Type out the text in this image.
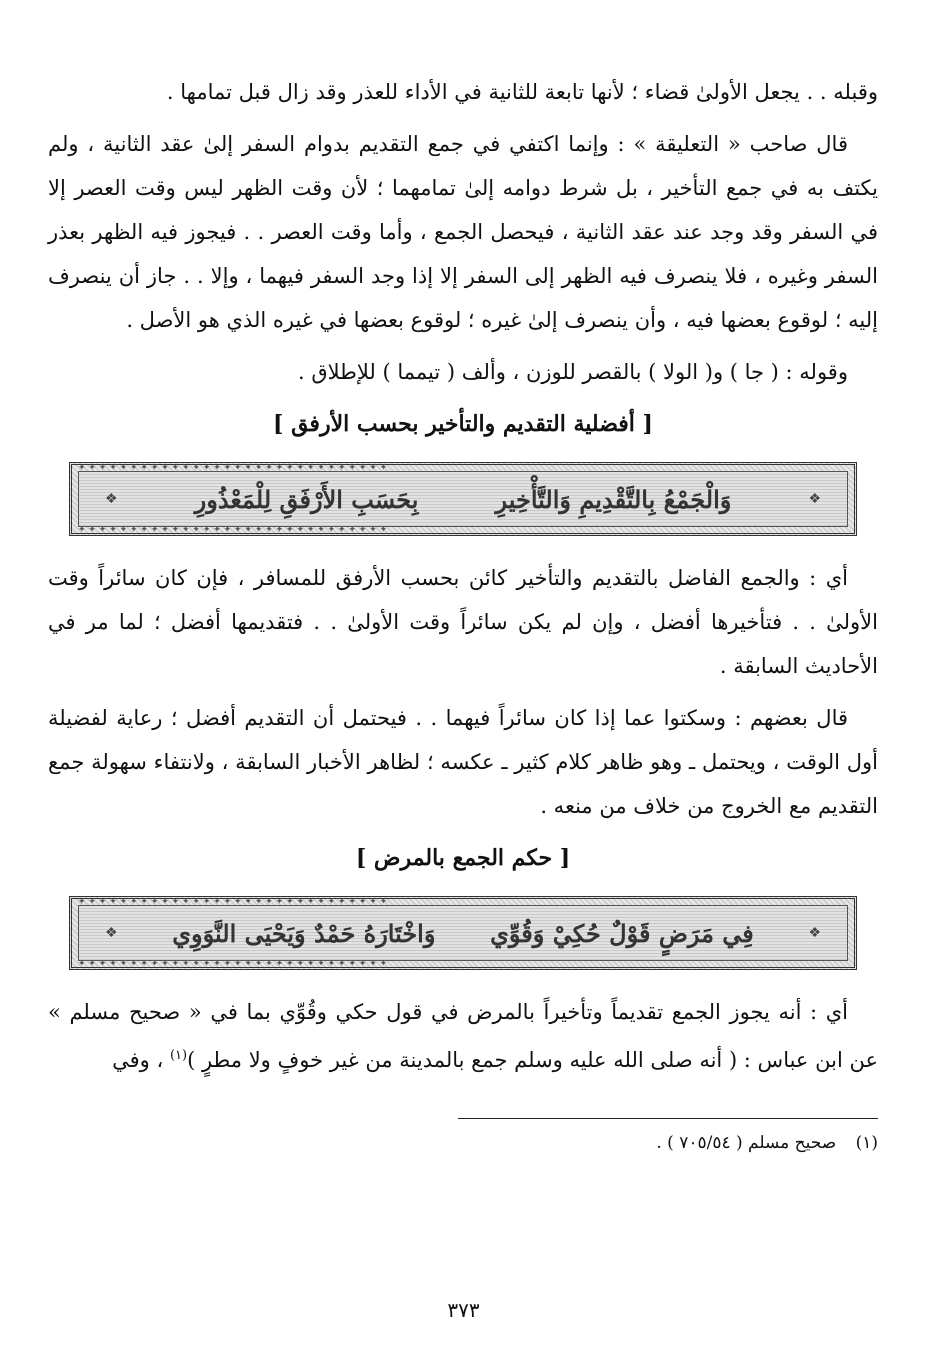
وقبله . . يجعل الأولىٰ قضاء ؛ لأنها تابعة للثانية في الأداء للعذر وقد زال قبل تمامها .

قال صاحب « التعليقة » : وإنما اكتفي في جمع التقديم بدوام السفر إلىٰ عقد الثانية ، ولم يكتف به في جمع التأخير ، بل شرط دوامه إلىٰ تمامهما ؛ لأن وقت الظهر ليس وقت العصر إلا في السفر وقد وجد عند عقد الثانية ، فيحصل الجمع ، وأما وقت العصر . . فيجوز فيه الظهر بعذر السفر وغيره ، فلا ينصرف فيه الظهر إلى السفر إلا إذا وجد السفر فيهما ، وإلا . . جاز أن ينصرف إليه ؛ لوقوع بعضها فيه ، وأن ينصرف إلىٰ غيره ؛ لوقوع بعضها في غيره الذي هو الأصل .

وقوله : ( جا ) و( الولا ) بالقصر للوزن ، وألف ( تيمما ) للإطلاق .

[ أفضلية التقديم والتأخير بحسب الأرفق ]
✦ ✦ ✦ ✦ ✦ ✦ ✦ ✦ ✦ ✦ ✦ ✦ ✦ ✦ ✦ ✦ ✦ ✦ ✦ ✦ ✦ ✦ ✦ ✦ ✦ ✦ ✦ ✦ ✦ ✦ ❖
وَالْجَمْعُ بِالتَّقْدِيمِ وَالتَّأْخِيرِ
بِحَسَبِ الأَرْفَقِ لِلْمَعْذُورِ
❖
✦ ✦ ✦ ✦ ✦ ✦ ✦ ✦ ✦ ✦ ✦ ✦ ✦ ✦ ✦ ✦ ✦ ✦ ✦ ✦ ✦ ✦ ✦ ✦ ✦ ✦ ✦ ✦ ✦ ✦

أي : والجمع الفاضل بالتقديم والتأخير كائن بحسب الأرفق للمسافر ، فإن كان سائراً وقت الأولىٰ . . فتأخيرها أفضل ، وإن لم يكن سائراً وقت الأولىٰ . . فتقديمها أفضل ؛ لما مر في الأحاديث السابقة .

قال بعضهم : وسكتوا عما إذا كان سائراً فيهما . . فيحتمل أن التقديم أفضل ؛ رعاية لفضيلة أول الوقت ، ويحتمل ـ وهو ظاهر كلام كثير ـ عكسه ؛ لظاهر الأخبار السابقة ، ولانتفاء سهولة جمع التقديم مع الخروج من خلاف من منعه .

[ حكم الجمع بالمرض ]
✦ ✦ ✦ ✦ ✦ ✦ ✦ ✦ ✦ ✦ ✦ ✦ ✦ ✦ ✦ ✦ ✦ ✦ ✦ ✦ ✦ ✦ ✦ ✦ ✦ ✦ ✦ ✦ ✦ ✦ ❖
فِي مَرَضٍ قَوْلٌ حُكِيْ وَقُوِّي
وَاخْتَارَهُ حَمْدٌ وَيَحْيَى النَّوَوِي
❖
✦ ✦ ✦ ✦ ✦ ✦ ✦ ✦ ✦ ✦ ✦ ✦ ✦ ✦ ✦ ✦ ✦ ✦ ✦ ✦ ✦ ✦ ✦ ✦ ✦ ✦ ✦ ✦ ✦ ✦

أي : أنه يجوز الجمع تقديماً وتأخيراً بالمرض في قول حكي وقُوِّي بما في « صحيح مسلم » عن ابن عباس : ( أنه صلى الله عليه وسلم جمع بالمدينة من غير خوفٍ ولا مطرٍ )$^{(١)}$ ، وفي

(١) صحيح مسلم ( ٧٠٥/٥٤ ) .
٣٧٣
